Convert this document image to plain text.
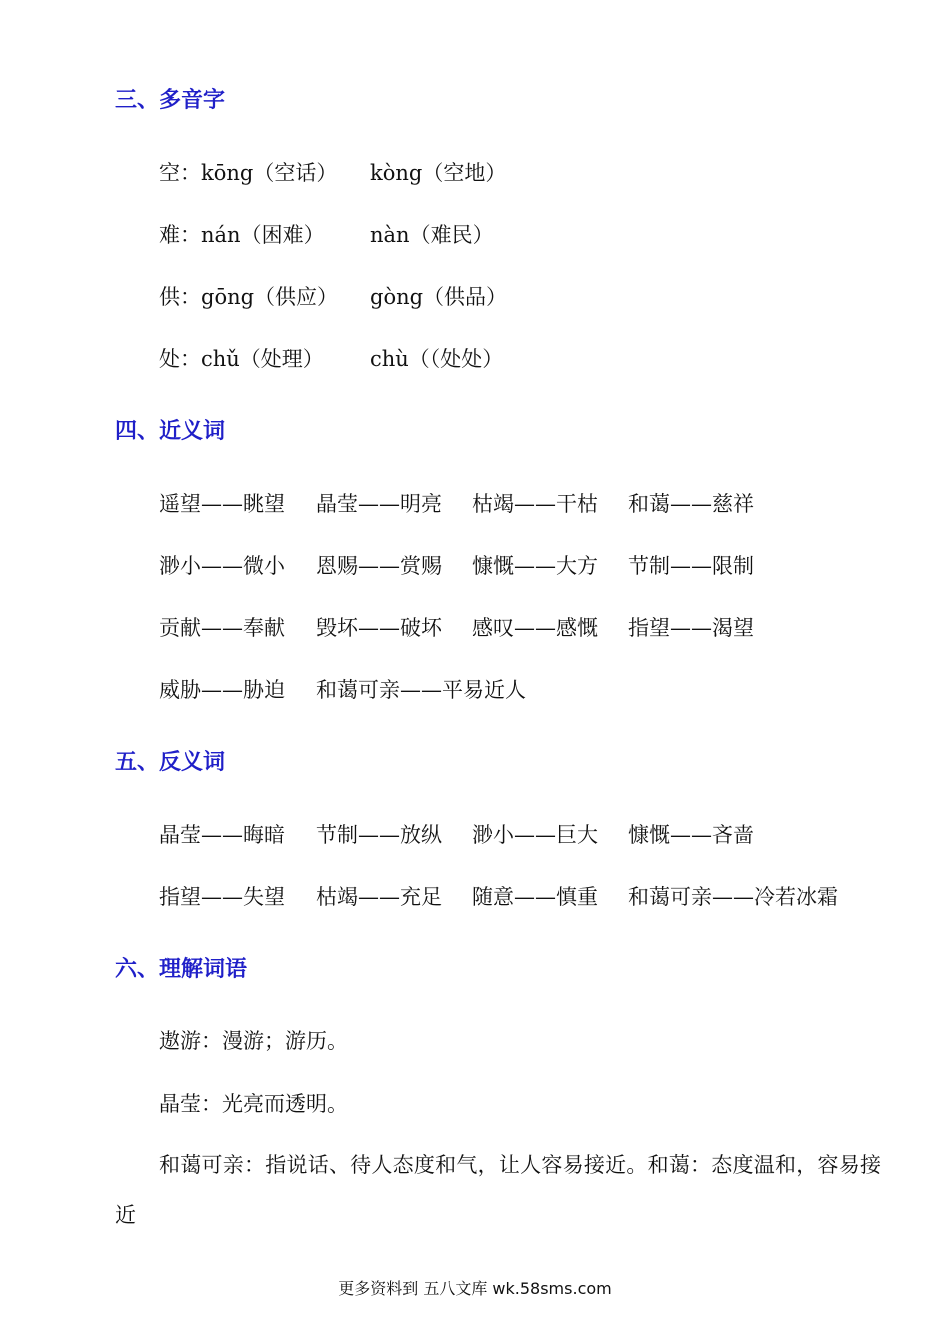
三、多音字
空：kōng（空话） kòng（空地）
难：nán（困难） nàn（难民）
供：gōng（供应） gòng（供品）
处：chǔ（处理） chù（（处处）
四、近义词
遥望——眺望 晶莹——明亮 枯竭——干枯 和蔼——慈祥
渺小——微小 恩赐——赏赐 慷慨——大方 节制——限制
贡献——奉献 毁坏——破坏 感叹——感慨 指望——渴望
威胁——胁迫 和蔼可亲——平易近人
五、反义词
晶莹——晦暗 节制——放纵 渺小——巨大 慷慨——吝啬
指望——失望 枯竭——充足 随意——慎重 和蔼可亲——冷若冰霜
六、理解词语
遨游：漫游；游历。
晶莹：光亮而透明。
和蔼可亲：指说话、待人态度和气，让人容易接近。和蔼：态度温和，容易接近
更多资料到 五八文库 wk.58sms.com
